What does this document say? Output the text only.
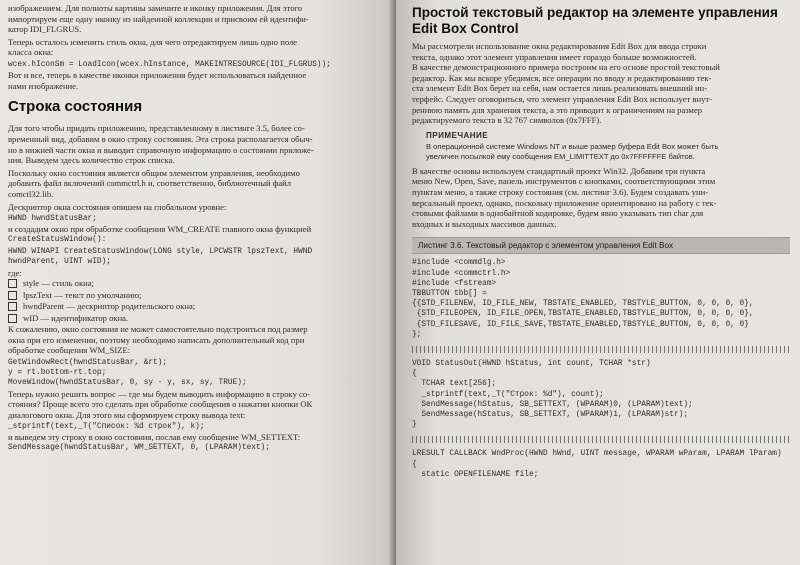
изображением. Для полноты картины замените и иконку приложения. Для этого
импортируем еще одну иконку из найденной коллекции и присвоим ей идентифи-
катор IDI_FLGRUS.
Теперь осталось изменить стиль окна, для чего отредактируем лишь одно поле
класса окна:
wcex.hIconSm = LoadIcon(wcex.hInstance, MAKEINTRESOURCE(IDI_FLGRUS));
Вот и все, теперь в качестве иконки приложения будет использоваться найденное
нами изображение.
Строка состояния
Для того чтобы придать приложению, представленному в листинге 3.5, более со-
временный вид, добавим в окно строку состояния. Эта строка располагается обыч-
но в нижней части окна и выводит справочную информацию о состоянии приложе-
ния. Выведем здесь количество строк списка.
Поскольку окно состояния является общим элементом управления, необходимо
добавить файл включений commctrl.h и, соответственно, библиотечный файл
comctl32.lib.
Дескриптор окна состояния опишем на глобальном уровне:
HWND hwndStatusBar;
и создадим окно при обработке сообщения WM_CREATE главного окна функцией
CreateStatusWindow():
HWND WINAPI CreateStatusWindow(LONG style, LPCWSTR lpszText, HWND
hwndParent, UINT wID);
где:
style — стиль окна;
lpszText — текст по умолчанию;
hwndParent — дескриптор родительского окна;
wID — идентификатор окна.
К сожалению, окно состояния не может самостоятельно подстроиться под размер
окна при его изменении, поэтому необходимо написать дополнительный код при
обработке сообщения WM_SIZE:
GetWindowRect(hwndStatusBar, &rt);
y = rt.bottom-rt.top;
MoveWindow(hwndStatusBar, 0, sy - y, sx, sy, TRUE);
Теперь нужно решить вопрос — где мы будем выводить информацию в строку со-
стояния? Проще всего это сделать при обработке сообщения о нажатии кнопки ОК
диалогового окна. Для этого мы сформируем строку вывода text:
_stprintf(text,_T("Список: %d строк"), k);
и выведем эту строку в окно состояния, послав ему сообщение WM_SETTEXT:
SendMessage(hwndStatusBar, WM_SETTEXT, 0, (LPARAM)text);
Простой текстовый редактор на элементе управления
Edit Box Control
Мы рассмотрели использование окна редактирования Edit Box для ввода строки
текста, однако этот элемент управления имеет гораздо больше возможностей.
В качестве демонстрационного примера построим на его основе простой текстовый
редактор. Как мы вскоре убедимся, все операции по вводу и редактированию тек-
ста элемент Edit Box берет на себя, нам остается лишь реализовать внешний ин-
терфейс. Следует оговориться, что элемент управления Edit Box использует внут-
реннюю память для хранения текста, а это приводит к ограничениям на размер
редактируемого текста в 32 767 символов (0x7FFF).
ПРИМЕЧАНИЕ
В операционной системе Windows NT и выше размер буфера Edit Box может быть
увеличен посылкой ему сообщения EM_LIMITTEXT до 0x7FFFFFFE байтов.
В качестве основы используем стандартный проект Win32. Добавим три пункта
меню New, Open, Save, панель инструментов с кнопками, соответствующими этим
пунктам меню, а также строку состояния (см. листинг 3.6). Будем создавать уни-
версальный проект, однако, поскольку приложение ориентировано на работу с тек-
стовыми файлами в однобайтной кодировке, будем явно указывать тип char для
входных и выходных массивов данных.
Листинг 3.6. Текстовый редактор с элементом управления Edit Box
#include <commdlg.h>
#include <commctrl.h>
#include <fstream>
TBBUTTON tbb[] =
{{STD_FILENEW, ID_FILE_NEW, TBSTATE_ENABLED, TBSTYLE_BUTTON, 0, 0, 0, 0},
{STD_FILEOPEN, ID_FILE_OPEN,TBSTATE_ENABLED,TBSTYLE_BUTTON, 0, 0, 0, 0},
{STD_FILESAVE, ID_FILE_SAVE,TBSTATE_ENABLED,TBSTYLE_BUTTON, 0, 0, 0, 0}
};
VOID StatusOut(HWND hStatus, int count, TCHAR *str)
{
TCHAR text[256];
_stprintf(text,_T("Строк: %d"), count);
SendMessage(hStatus, SB_SETTEXT, (WPARAM)0, (LPARAM)text);
SendMessage(hStatus, SB_SETTEXT, (WPARAM)1, (LPARAM)str);
}
LRESULT CALLBACK WndProc(HWND hWnd, UINT message, WPARAM wParam, LPARAM lParam)
{
static OPENFILENAME file;
